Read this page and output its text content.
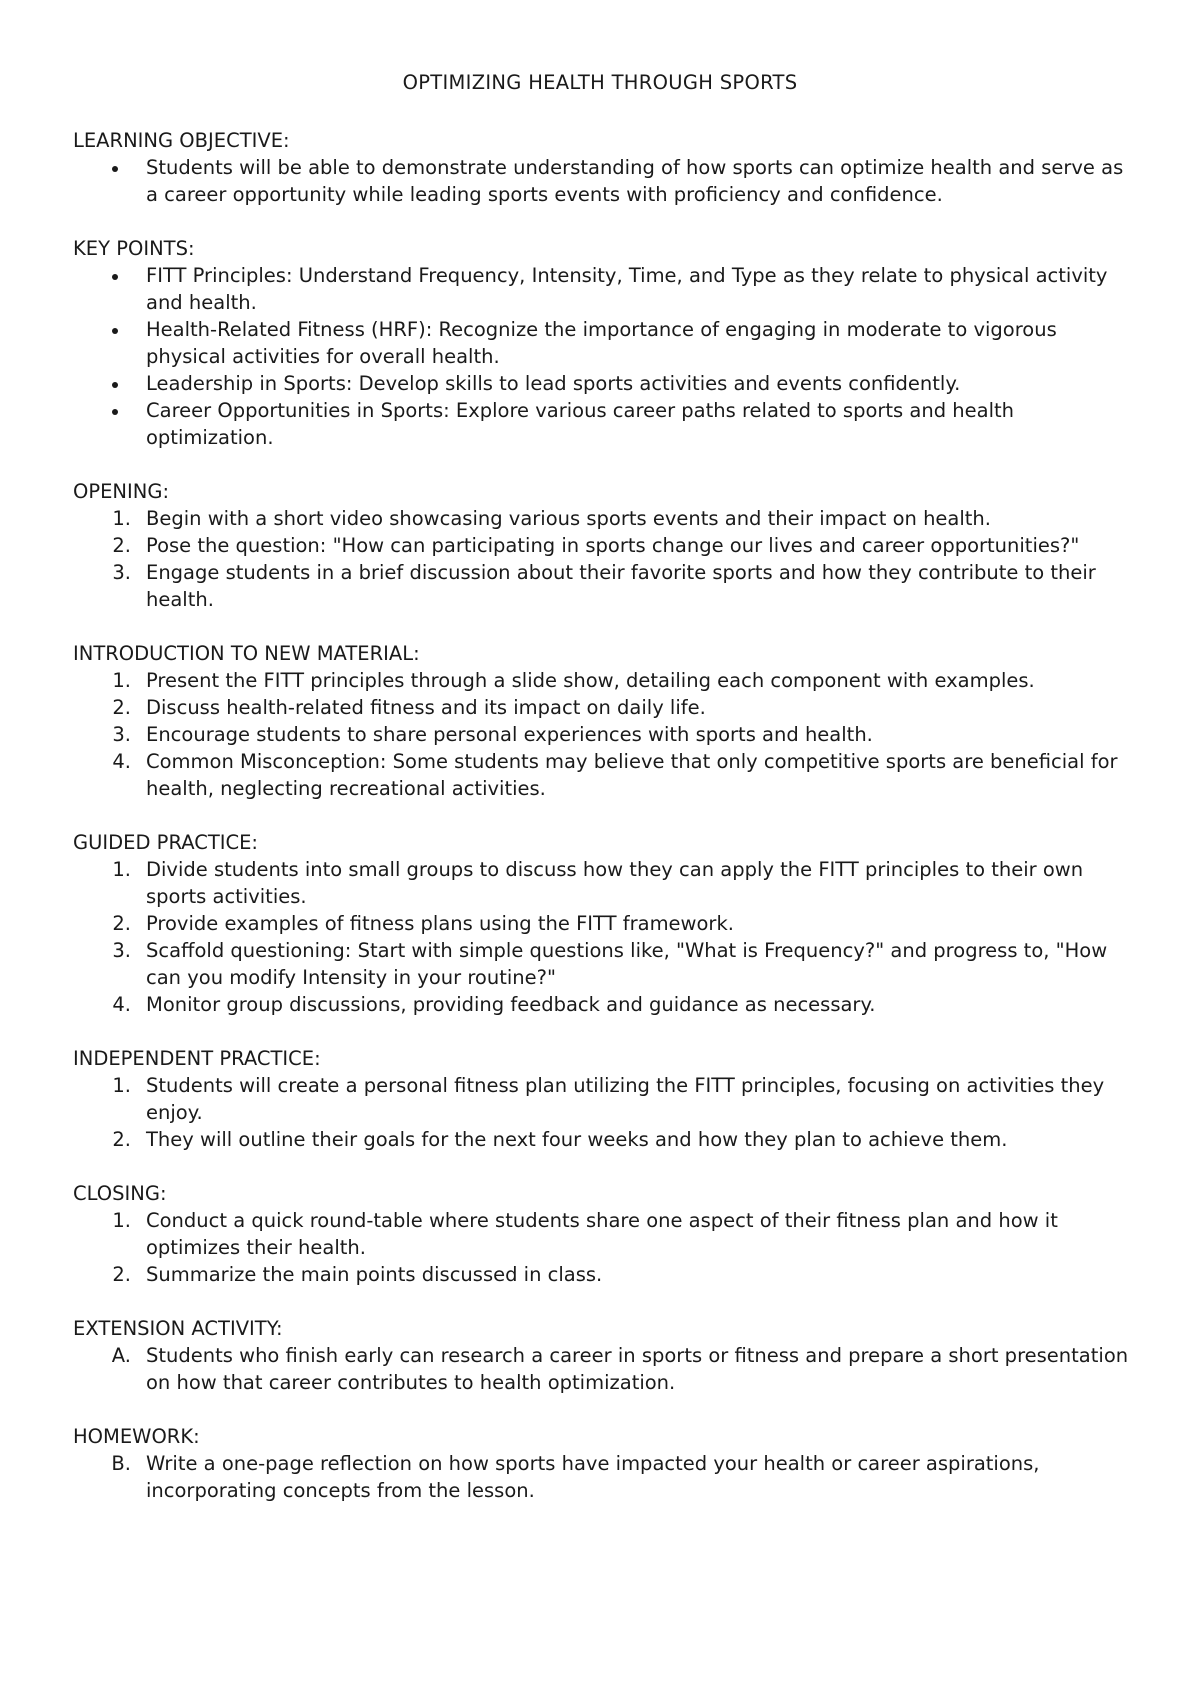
OPTIMIZING HEALTH THROUGH SPORTS
LEARNING OBJECTIVE:
Students will be able to demonstrate understanding of how sports can optimize health and serve as a career opportunity while leading sports events with proficiency and confidence.
KEY POINTS:
FITT Principles: Understand Frequency, Intensity, Time, and Type as they relate to physical activity and health.
Health-Related Fitness (HRF): Recognize the importance of engaging in moderate to vigorous physical activities for overall health.
Leadership in Sports: Develop skills to lead sports activities and events confidently.
Career Opportunities in Sports: Explore various career paths related to sports and health optimization.
OPENING:
1. Begin with a short video showcasing various sports events and their impact on health.
2. Pose the question: "How can participating in sports change our lives and career opportunities?"
3. Engage students in a brief discussion about their favorite sports and how they contribute to their health.
INTRODUCTION TO NEW MATERIAL:
1. Present the FITT principles through a slide show, detailing each component with examples.
2. Discuss health-related fitness and its impact on daily life.
3. Encourage students to share personal experiences with sports and health.
4. Common Misconception: Some students may believe that only competitive sports are beneficial for health, neglecting recreational activities.
GUIDED PRACTICE:
1. Divide students into small groups to discuss how they can apply the FITT principles to their own sports activities.
2. Provide examples of fitness plans using the FITT framework.
3. Scaffold questioning: Start with simple questions like, "What is Frequency?" and progress to, "How can you modify Intensity in your routine?"
4. Monitor group discussions, providing feedback and guidance as necessary.
INDEPENDENT PRACTICE:
1. Students will create a personal fitness plan utilizing the FITT principles, focusing on activities they enjoy.
2. They will outline their goals for the next four weeks and how they plan to achieve them.
CLOSING:
1. Conduct a quick round-table where students share one aspect of their fitness plan and how it optimizes their health.
2. Summarize the main points discussed in class.
EXTENSION ACTIVITY:
A. Students who finish early can research a career in sports or fitness and prepare a short presentation on how that career contributes to health optimization.
HOMEWORK:
B. Write a one-page reflection on how sports have impacted your health or career aspirations, incorporating concepts from the lesson.
